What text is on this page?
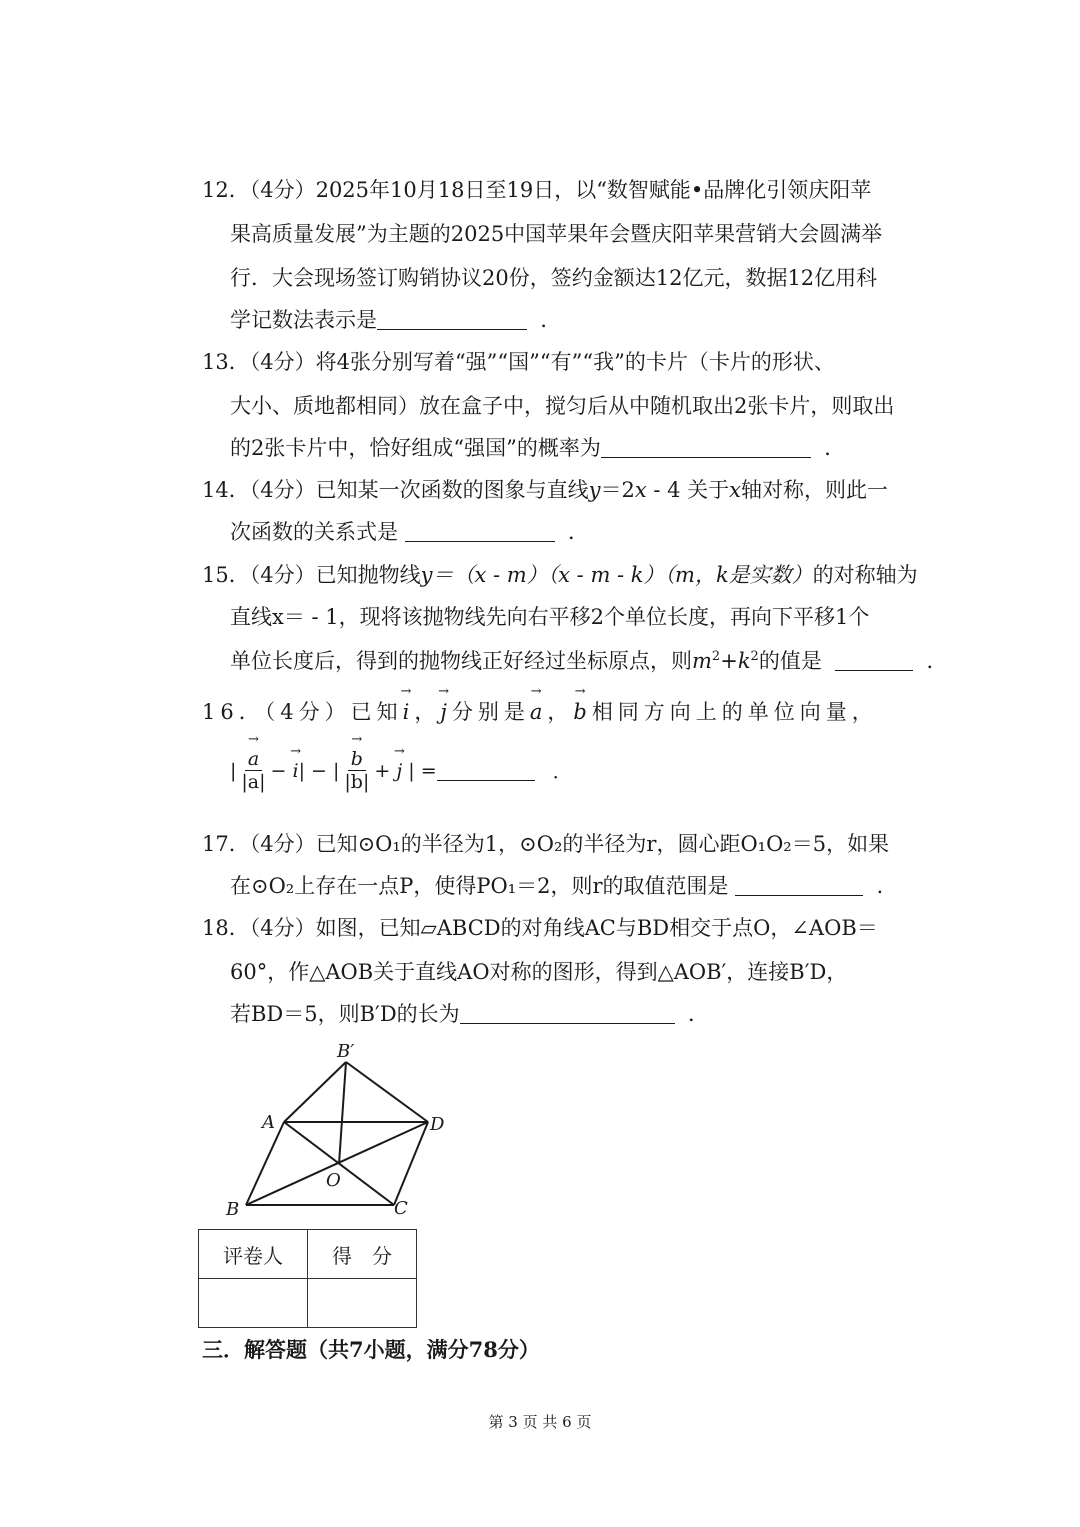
12．（4分）2025年10月18日至19日，以“数智赋能•品牌化引领庆阳苹
果高质量发展”为主题的2025中国苹果年会暨庆阳苹果营销大会圆满举
行．大会现场签订购销协议20份，签约金额达12亿元，数据12亿用科
学记数法表示是	．
13．（4分）将4张分别写着“强”“国”“有”“我”的卡片（卡片的形状、
大小、质地都相同）放在盒子中，搅匀后从中随机取出2张卡片，则取出
的2张卡片中，恰好组成“强国”的概率为	．
14．（4分）已知某一次函数的图象与直线y＝2x ‑ 4 关于x轴对称，则此一
次函数的关系式是	．
15．（4分）已知抛物线y＝（x ‑ m）（x ‑ m ‑ k）（m，k是实数）的对称轴为
直线x＝ ‑ 1，现将该抛物线先向右平移2个单位长度，再向下平移1个
单位长度后，得到的抛物线正好经过坐标原点，则$m^2+k^2$的值是	．
16．（4分）已知→ i，→ j分别是→ a，→ b相同方向上的单位向量，
| → $\frac{a}{|a|}$ −
→ i | − | → $\frac{b}{|b|}$ +
→ j
| =
	．
17．（4分）已知⊙O₁的半径为1，⊙O₂的半径为r，圆心距O₁O₂＝5，如果
在⊙O₂上存在一点P，使得PO₁＝2，则r的取值范围是	．
18．（4分）如图，已知▱ABCD的对角线AC与BD相交于点O，∠AOB＝
60°，作△AOB关于直线AO对称的图形，得到△AOB′，连接B′D，
若BD＝5，则B′D的长为	．
B′
A	D
O
B	C
评卷人	得　分

三．解答题（共7小题，满分78分）
第 3 页 共 6 页
